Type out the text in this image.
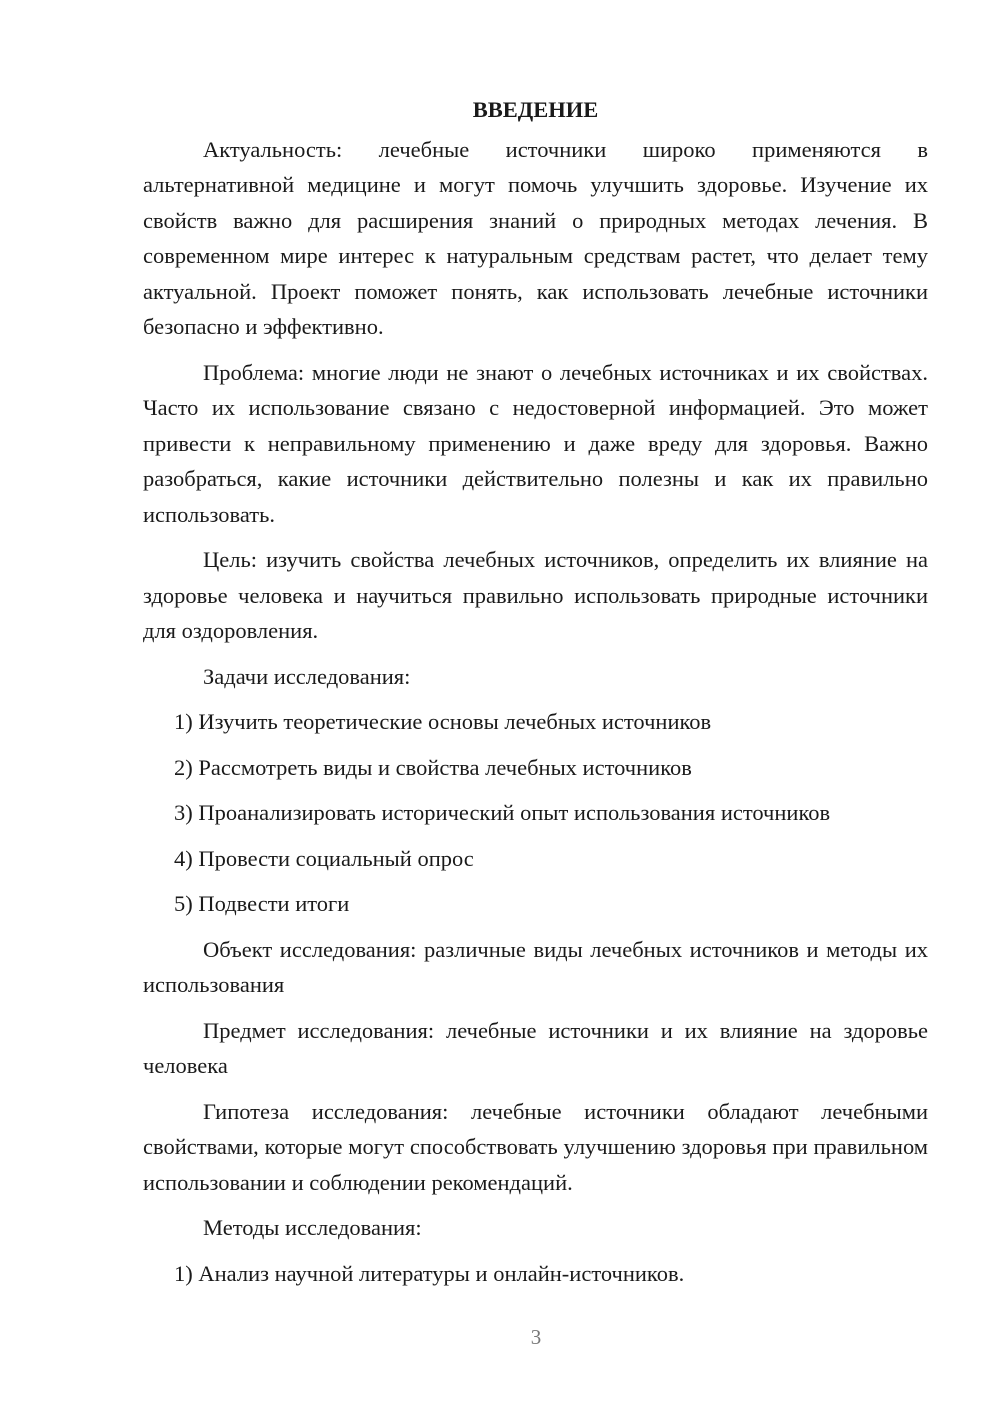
ВВЕДЕНИЕ

Актуальность: лечебные источники широко применяются в альтернативной медицине и могут помочь улучшить здоровье. Изучение их свойств важно для расширения знаний о природных методах лечения. В современном мире интерес к натуральным средствам растет, что делает тему актуальной. Проект поможет понять, как использовать лечебные источники безопасно и эффективно.

Проблема: многие люди не знают о лечебных источниках и их свойствах. Часто их использование связано с недостоверной информацией. Это может привести к неправильному применению и даже вреду для здоровья. Важно разобраться, какие источники действительно полезны и как их правильно использовать.

Цель: изучить свойства лечебных источников, определить их влияние на здоровье человека и научиться правильно использовать природные источники для оздоровления.

Задачи исследования:

1) Изучить теоретические основы лечебных источников
2) Рассмотреть виды и свойства лечебных источников
3) Проанализировать исторический опыт использования источников
4) Провести социальный опрос
5) Подвести итоги

Объект исследования: различные виды лечебных источников и методы их использования

Предмет исследования: лечебные источники и их влияние на здоровье человека

Гипотеза исследования: лечебные источники обладают лечебными свойствами, которые могут способствовать улучшению здоровья при правильном использовании и соблюдении рекомендаций.

Методы исследования:

1) Анализ научной литературы и онлайн-источников.
3
